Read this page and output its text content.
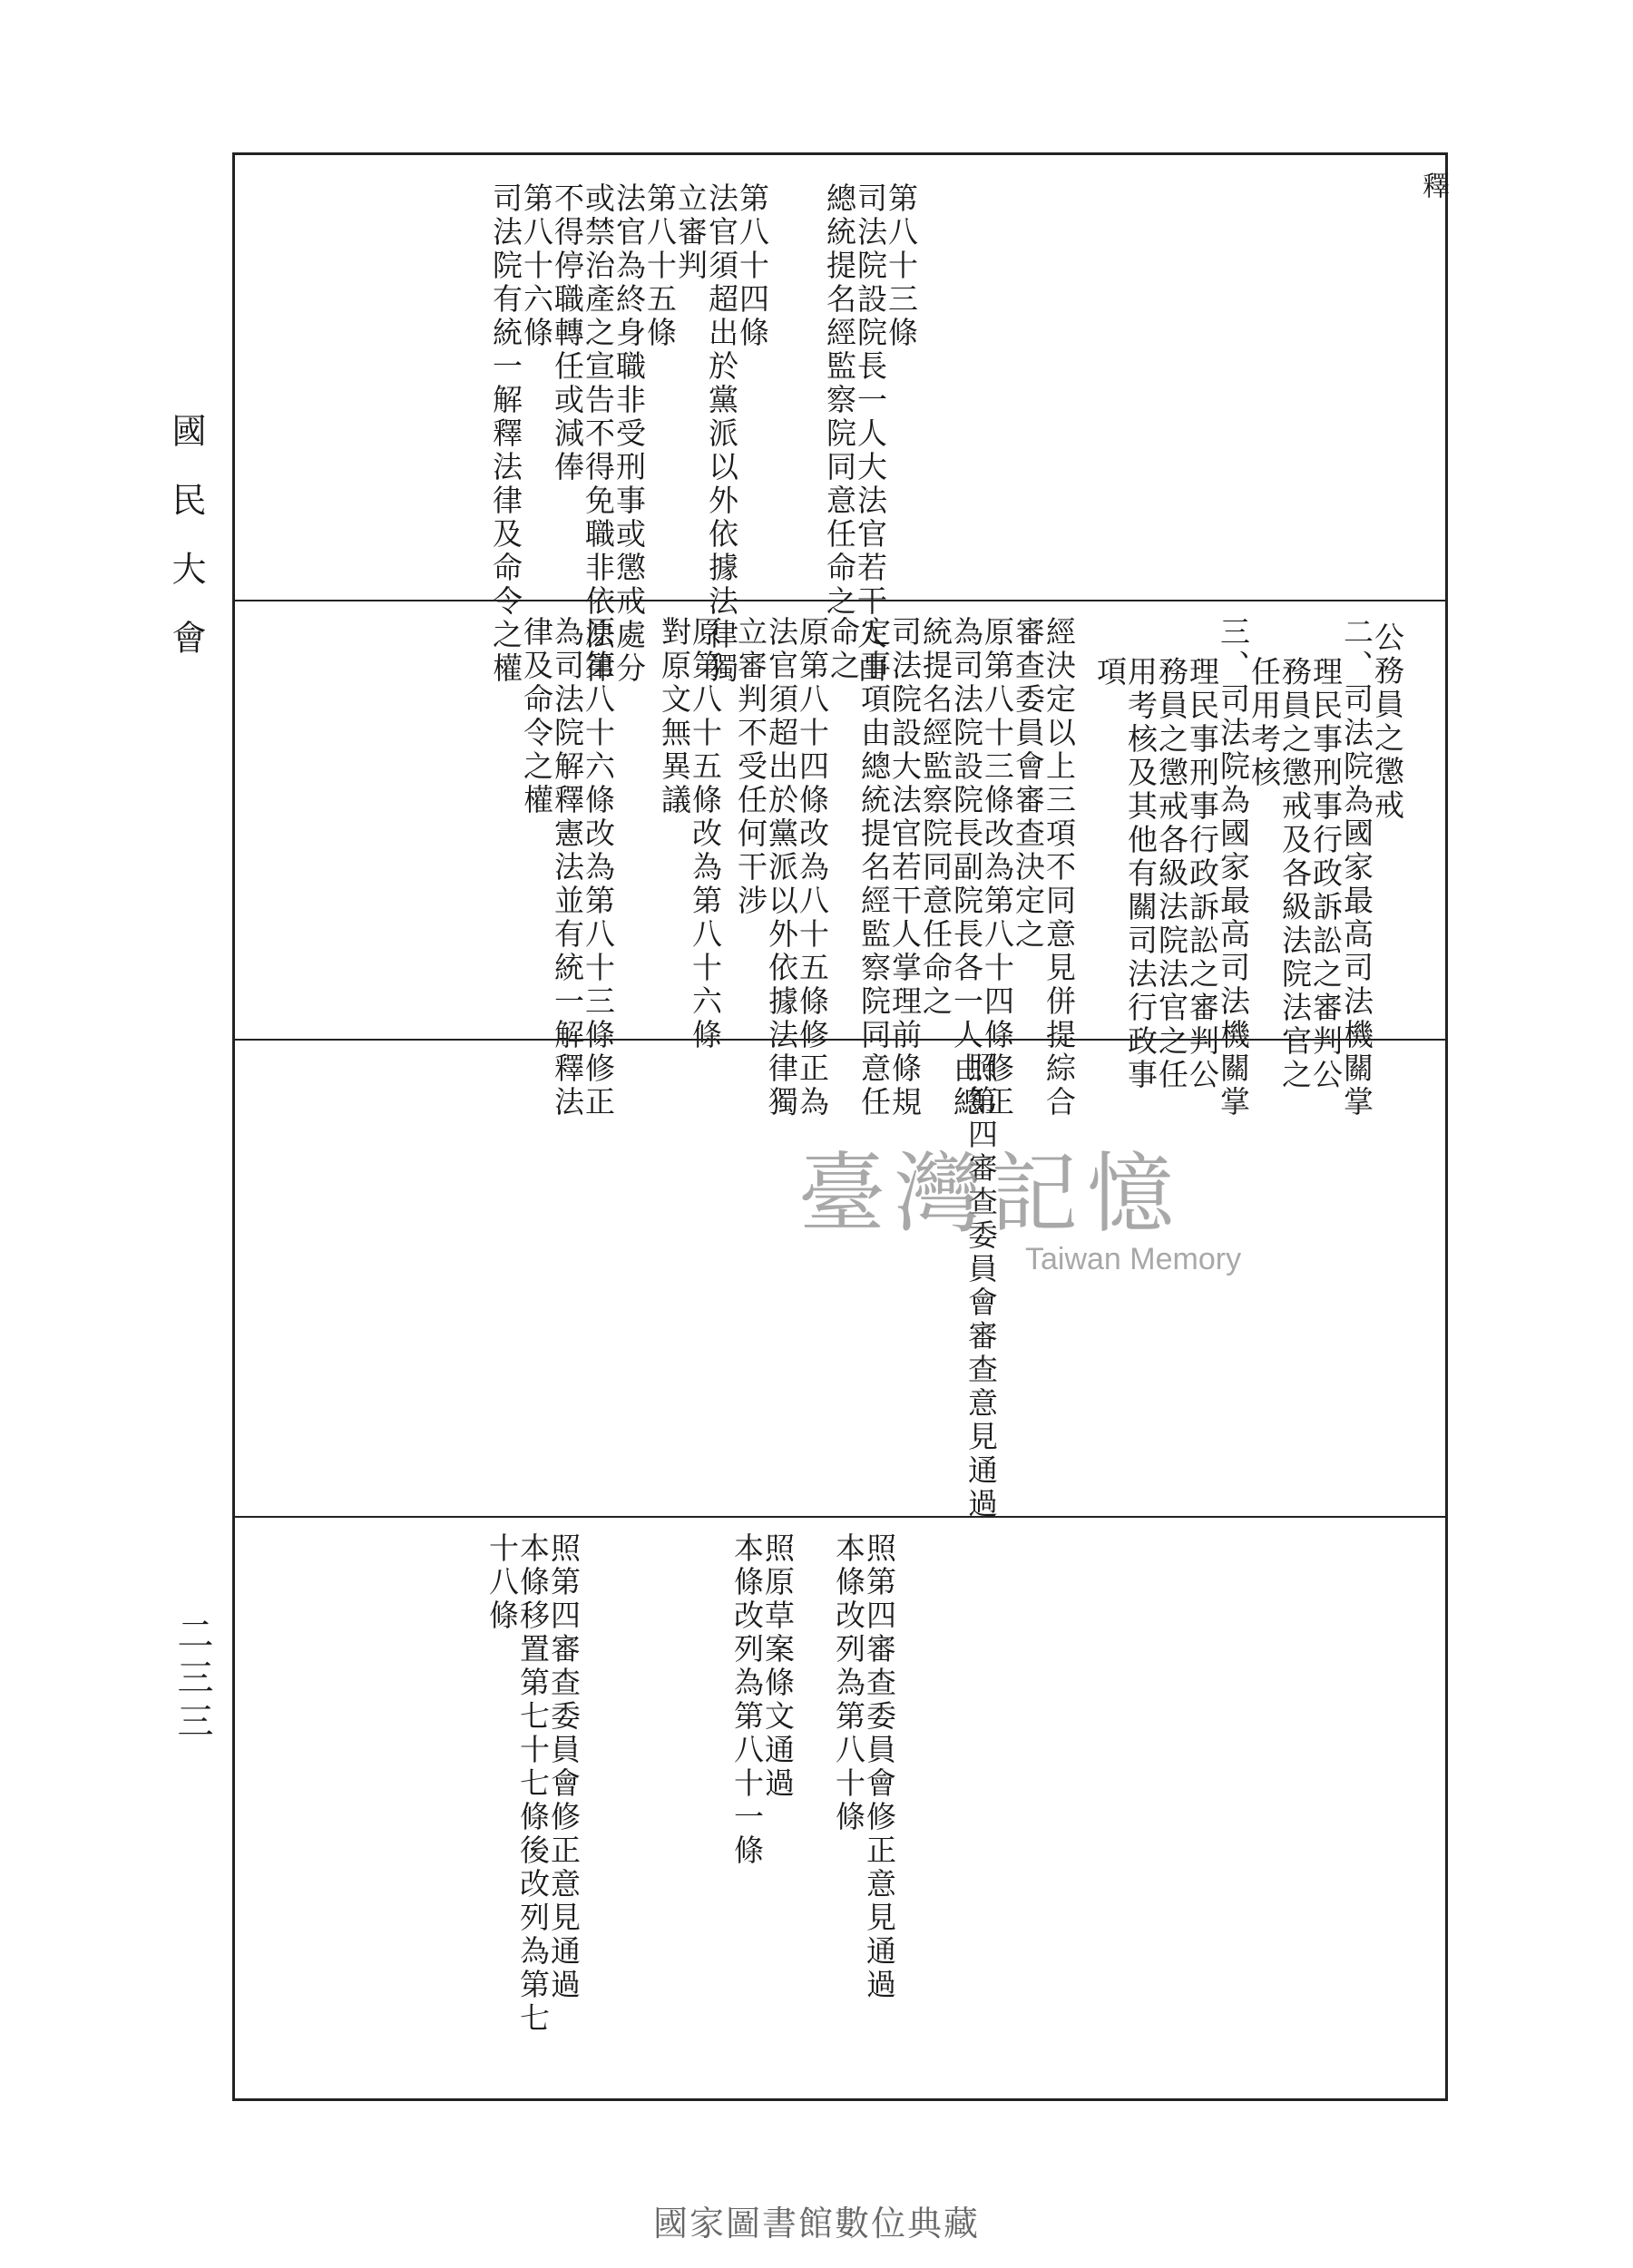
國民大會
二三三
釋
第八十三條
司法院設院長一人大法官若干人由
總統提名經監察院同意任命之
第八十四條
法官須超出於黨派以外依據法律獨
立審判
第八十五條
法官為終身職非受刑事或懲戒處分
或禁治產之宣告不得免職非依法律
不得停職轉任或減俸
第八十六條
司法院有統一解釋法律及命令之權
公務員之懲戒
二、司法院為國家最高司法機關掌
理民事刑事行政訴訟之審判公
務員之懲戒及各級法院法官之
任用考核
三、司法院為國家最高司法機關掌
理民事刑事行政訴訟之審判公
務員之懲戒各級法院法官之任
用考核及其他有關司法行政事
項
經決定以上三項不同意見併提綜合
審查委員會審查決定之
原第八十三條改為第八十四條修正
為司法院設院長副院長各一人由總
統提名經監察院同意任命之
司法院設大法官若干人掌理前條規
定事項由總統提名經監察院同意任
命之
原第八十四條改為八十五條修正為
法官須超出於黨派以外依據法律獨
立審判不受任何干涉
原第八十五條改為第八十六條
對原文無異議
原第八十六條改為第八十三條修正
為司法院解釋憲法並有統一解釋法
律及命令之權
照第四審查委員會審查意見通過
照第四審查委員會修正意見通過
本條改列為第八十條
照原草案條文通過
本條改列為第八十一條
照第四審查委員會修正意見通過
本條移置第七十七條後改列為第七
十八條
臺灣記憶
Taiwan Memory
國家圖書館數位典藏
